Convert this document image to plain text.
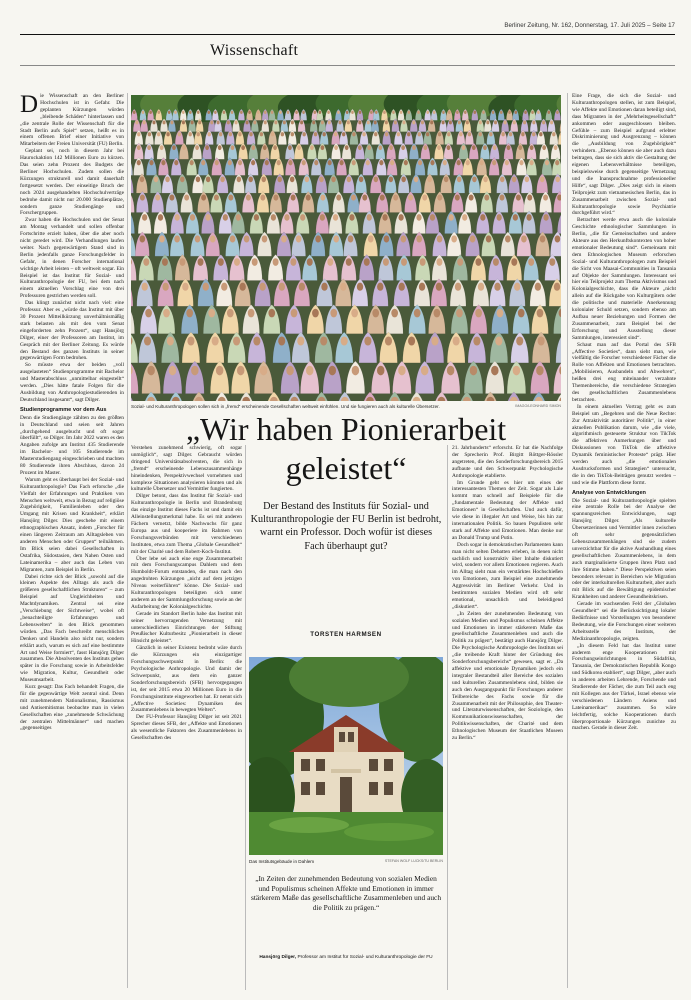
Berliner Zeitung, Nr. 162, Donnerstag, 17. Juli 2025 – Seite 17
Wissenschaft

Die Wissenschaft an den Berliner Hochschulen ist in Gefahr. Die geplanten Kürzungen würden „bleibende Schäden“ hinterlassen und „die zentrale Rolle der Wissenschaft für die Stadt Berlin aufs Spiel“ setzen, heißt es in einem offenen Brief einer Initiative von Mitarbeitern der Freien Universität (FU) Berlin.

Geplant sei, noch in diesem Jahr bei Hauruckaktion 142 Millionen Euro zu kürzen. Das seien zehn Prozent des Budgets der Berliner Hochschulen. Zudem sollen die Kürzungen strukturell und damit dauerhaft fortgesetzt werden. Der einseitige Bruch der noch 2024 ausgehandelten Hochschulverträge bedrohe damit nicht nur 20.000 Studienplätze, sondern ganze Studiengänge und Forschergruppen.

Zwar haben die Hochschulen und der Senat am Montag verhandelt und sollen offenbar Fortschritte erzielt haben, über die aber noch nicht geredet wird. Die Verhandlungen laufen weiter. Nach gegenwärtigem Stand sind in Berlin jedenfalls ganze Forschungsfelder in Gefahr, in denen Forscher international wichtige Arbeit leisten – oft weltweit sogar. Ein Beispiel ist das Institut für Sozial- und Kulturanthropologie der FU, bei dem nach einem aktuellen Vorschlag eine von drei Professuren gestrichen werden soll.

Das klingt zunächst nicht nach viel: eine Professur. Aber es „würde das Institut mit über 30 Prozent Mitteilkürzung unverhältnismäßig stark belasten als mit den vom Senat eingeforderten zehn Prozent“, sagt Hansjörg Dilger, einer der Professoren am Institut, im Gespräch mit der Berliner Zeitung. Es würde den Bestand des ganzen Instituts in seiner gegenwärtigen Form bedrohen.

So müsste etwa der beiden „voll ausgelasteten“ Studienprogramme mit Bachelor und Masterabschluss „unmittelbar eingestellt“ werden. „Dies hätte fatale Folgen für die Ausbildung von Anthropologiestudierenden in Deutschland insgesamt“, sagt Dilger.

Studienprogramme vor dem Aus

Denn die Studiengänge zählten zu den größten in Deutschland und seien seit Jahren „durchgehend ausgebucht und oft sogar überfüllt“, so Dilger. Im Jahr 2022 waren es den Angaben zufolge am Institut 435 Studierende im Bachelor- und 105 Studierende im Masterstudiengang eingeschrieben und machten 80 Studierende ihren Abschluss, davon 24 Prozent im Master.

Warum geht es überhaupt bei der Sozial- und Kulturanthropologie? Das Fach erforsche „die Vielfalt der Erfahrungen und Praktiken von Menschen weltweit, etwa in Bezug auf religiöse Zugehörigkeit, Familienleben oder den Umgang mit Krisen und Krankheit“, erklärt Hansjörg Dilger. Dies geschehe mit einem ethnographischen Ansatz, indem „Forscher für einen längeren Zeitraum am Alltagsleben von anderen Menschen oder Gruppen“ teilnähmen. Im Blick seien dabei Gesellschaften in Ostafrika, Südostasien, dem Nahen Osten und Lateinamerika – aber auch das Leben von Migranten, zum Beispiel in Berlin.

Dabei richte sich der Blick „sowohl auf die kleinen Aspekte des Alltags als auch die größeren gesellschaftlichen Strukturen“ – zum Beispiel auf Ungleichheiten und Machtdynamiken. Zentral sei eine „Verschiebung der Sichtweise“, wobei oft „benachteiligte Erfahrungen und Lebenswelten“ in den Blick genommen würden. „Das Fach beschreibt menschliches Denken und Handeln also nicht nur, sondern erklärt auch, warum es sich auf eine bestimmte Art und Weise formiert“, fasst Hansjörg Dilger zusammen. Die Absolventen des Instituts gehen später in die Forschung sowie in Arbeitsfelder wie Migration, Kultur, Gesundheit oder Museumsarbeit.

Kurz gesagt: Das Fach behandelt Fragen, die für die gegenwärtige Welt zentral sind. Denn mit zunehmendem Nationalismus, Rassismus und Antisemitismus beobachte man in vielen Gesellschaften eine „zunehmende Schwächung der zentralen Mittelmänner“ und machen „gegenseitiges

Sozial- und Kulturanthropologen sollen sich in „fremd“ erscheinende Gesellschaften weltweit einfühlen. Und sie fungieren auch als kulturelle Übersetzer.	IMAGO/LEONHARD SIMON
„Wir haben Pionierarbeit geleistet“
Der Bestand des Instituts für Sozial- und Kulturanthropologie der FU Berlin ist bedroht, warnt ein Professor. Doch wofür ist dieses Fach überhaupt gut?
TORSTEN HARMSEN

Verstehen zunehmend schwierig, oft sogar unmöglich“, sagt Dilger. Gebraucht würden dringend Universitätsabsolventen, die sich in „fremd“ erscheinende Lebenszusammenhänge hineindenken, Perspektivwechsel vornehmen und komplexe Situationen analysieren könnten und als kulturelle Übersetzer und Vermittler fungierten.

Dilger betont, dass das Institut für Sozial- und Kulturanthropologie in Berlin und Brandenburg das einzige Institut dieses Fachs ist und damit ein Alleinstellungsmerkmal habe. Es sei mit anderen Fächern vernetzt, bilde Nachwuchs für ganz Europa aus und kooperiere im Rahmen von Forschungsverbünden mit verschiedenen Instituten, etwa zum Thema „Globale Gesundheit“ mit der Charité und dem Robert-Koch-Institut.

Über lebe sei auch eine enge Zusammenarbeit mit dem Forschungscampus Dahlem und dem Humboldt-Forum entstanden, die man nach den angedrohten Kürzungen „nicht auf dem jetzigen Niveau weiterführen“ könne. Die Sozial- und Kulturanthropologen beteiligten sich unter anderem an der Sammlungsforschung sowie an der Aufarbeitung der Kolonialgeschichte.

Gerade im Standort Berlin habe das Institut mit seiner hervorragenden Vernetzung mit unterschiedlichen Einrichtungen der Stiftung Preußischer Kulturbesitz „Pionierarbeit in dieser Hinsicht geleistet“.

Gänzlich in seiner Existenz bedroht wäre durch die Kürzungen ein einzigartiger Forschungsschwerpunkt in Berlin: die Psychologische Anthropologie. Und damit der Schwerpunkt, aus dem ein ganzer Sonderforschungsbereich (SFB) hervorgegangen ist, der seit 2015 etwa 20 Millionen Euro in die Forschungsinstitute eingeworben hat. Er nennt sich „Affective Societies: Dynamiken des Zusammenlebens in bewegten Welten“.

Der FU-Professor Hansjörg Dilger ist seit 2021 Sprecher dieses SFB, der „Affekte und Emotionen als wesentliche Faktoren des Zusammenlebens in Gesellschaften des

Das Institutsgebäude in Dahlem	STEFAN WOLF LUCKS/TU BERLIN
„In Zeiten der zunehmenden Bedeutung von sozialen Medien und Populismus scheinen Affekte und Emotionen in immer stärkerem Maße das gesellschaftliche Zusammenleben und auch die Politik zu prägen.“
Hansjörg Dilger, Professor am Institut für Sozial- und Kulturanthropologie der FU

21. Jahrhunderts“ erforscht. Er hat die Nachfolge der Sprecherin Prof. Birgitt Röttger-Rössler angetreten, die den Sonderforschungsbereich 2015 aufbaute und den Schwerpunkt Psychologische Anthropologie etablierte.

Im Grunde geht es hier um eines der interessantesten Themen der Zeit. Sogar als Laie kommt man schnell auf Beispiele für die „fundamentale Bedeutung der Affekte und Emotionen“ in Gesellschaften. Und auch dafür, wie diese in illegaler Art und Weise, bis hin zur internationalen Politik. So bauen Populisten sehr stark auf Affekte und Emotionen. Man denke nur an Donald Trump und Putin.

Doch sogar in demokratischen Parlamenten kann man nicht selten Debatten erleben, in denen nicht sachlich und konstruktiv über Inhalte diskutiert wird, sondern vor allem Emotionen regieren. Auch im Alltag sieht man ein verstärktes Hochschießen von Emotionen, zum Beispiel eine zunehmende Aggressivität im Berliner Verkehr. Und in bestimmten sozialen Medien wird oft sehr emotional, unsachlich und beleidigend „diskutiert“.

„In Zeiten der zunehmenden Bedeutung von sozialen Medien und Populismus scheinen Affekte und Emotionen in immer stärkerem Maße das gesellschaftliche Zusammenleben und auch die Politik zu prägen“, bestätigt auch Hansjörg Dilger. Die Psychologische Anthropologie des Instituts sei „die treibende Kraft hinter der Gründung des Sonderforschungsbereichs“ gewesen, sagt er. „Da affektive und emotionale Dynamiken jedoch ein integraler Bestandteil aller Bereiche des sozialen und kulturellen Zusammenlebens sind, bilden sie auch den Ausgangspunkt für Forschungen anderer Teilbereiche des Fachs sowie für die Zusammenarbeit mit der Philosophie, den Theater- und Literaturwissenschaften, der Soziologie, den Kommunikationswissenschaften, der Politikwissenschaften, der Charité und dem Ethnologischen Museum der Staatlichen Museen zu Berlin.“

Eine Frage, die sich die Sozial- und Kulturanthropologen stellen, ist zum Beispiel, wie Affekte und Emotionen daran beteiligt sind, dass Migranten in der „Mehrheitsgesellschaft“ ankommen oder ausgeschlossen bleiben. Gefühle – zum Beispiel aufgrund erlebter Diskriminierung und Ausgrenzung – können die „Ausbildung von Zugehörigkeit“ verhindern. „Ebenso können sie aber auch dazu beitragen, dass sie sich aktiv die Gestaltung der eigenen Lebensverhältnisse beteiligen, beispielsweise durch gegenseitige Vernetzung und die Inanspruchnahme professioneller Hilfe“, sagt Dilger. „Dies zeigt sich in einem Teilprojekt zum vietnamesischen Berlin, das in Zusammenarbeit zwischen Sozial- und Kulturanthropologie sowie Psychiatrie durchgeführt wird.“

Betrachtet werde etwa auch die koloniale Geschichte ethnologischer Sammlungen in Berlin, „die für Gemeinschaften und andere Akteure aus den Herkunftskontexten von hoher emotionaler Bedeutung sind“. Gemeinsam mit dem Ethnologischen Museum erforschen Sozial- und Kulturanthropologen zum Beispiel die Sicht von Maasai-Communities in Tansania auf Objekte der Sammlungen. Interessant sei hier ein Teilprojekt zum Thema Aktivismus und Kolonialgeschichte, dass die Akteure „nicht allein auf die Rückgabe von Kulturgütern oder die politische und materielle Anerkennung kolonialer Schuld setzen, sondern ebenso am Aufbau neuer Beziehungen und Formen der Zusammenarbeit, zum Beispiel bei der Erforschung und Ausstellung dieser Sammlungen, interessiert sind“.

Schaut man auf das Portal des SFB „Affective Societies“, dann sieht man, wie vielfältig die Forscher verschiedener Fächer die Rolle von Affekten und Emotionen betrachten. „Mobilisieren, Ausbandeln und Abwehren“, heißen drei eng miteinander verzahnte Themenbereiche, die verschiedene Strategien des gesellschaftlichen Zusammenlebens betrachten.

In einem aktuellen Vortrag geht es zum Beispiel um „Begehren und die Neue Rechte: Zur Attraktivität autoritärer Politik“, in einer aktuellen Publikation darum, wie „die viele, algorithmisch gesteuerte Struktur von TikTok die affektiven Anmerkungen über und Diskussionen von TikTok die affektive Dynamik feministischer Proteste“ prägt. Hier werden auch „die emotionalen Ausdrucksformen und Strategien“ untersucht, die in den TikTok-Beiträgen genutzt werden – und wie die Plattform diese formt.

Analyse von Entwicklungen

Die Sozial- und Kulturanthropologie spielten eine zentrale Rolle bei der Analyse der spannungsreichen Entwicklungen, sagt Hansjörg Dilger. „Als kulturelle Übersetzerinnen und Vermittler innen zwischen oft sehr gegensätzlichen Lebenszusammenhängen sind sie zudem unverzichtbar für die aktive Aushandlung eines gesellschaftlichen Zusammenlebens, in dem auch marginalisierte Gruppen ihren Platz und ihre Stimme haben.“ Diese Perspektiven seien besonders relevant in Bereichen wie Migration oder der interkulturellen Kulturarbeit, aber auch mit Blick auf die Bewältigung epidemischer Krankheiten und anderer Gesundheitskrisen.

Gerade im wachsenden Feld der „Globalen Gesundheit“ sei die Berücksichtigung lokaler Bedürfnisse und Vorstellungen von besonderer Bedeutung, wie die Forschungen einer weiteren Arbeitsstelle des Instituts, der Medizinanthropologie, zeigten.

„In diesem Feld hat das Institut unter anderem enge Kooperationen mit Forschungseinrichtungen in Südafrika, Tansania, der Demokratischen Republik Kongo und Südkorea etabliert“, sagt Dilger, „aber auch in anderen arbeiten Lehrende, Forschende und Studierende der Fächer, die zum Teil auch eng mit Kollegen aus der Türkei, Israel ebenso wie verschiedenen Ländern Asiens und Lateinamerikas“ zusammen. So wäre leichtfertig, solche Kooperationen durch überproportionale Kürzungen zunichte zu machen. Gerade in dieser Zeit.
